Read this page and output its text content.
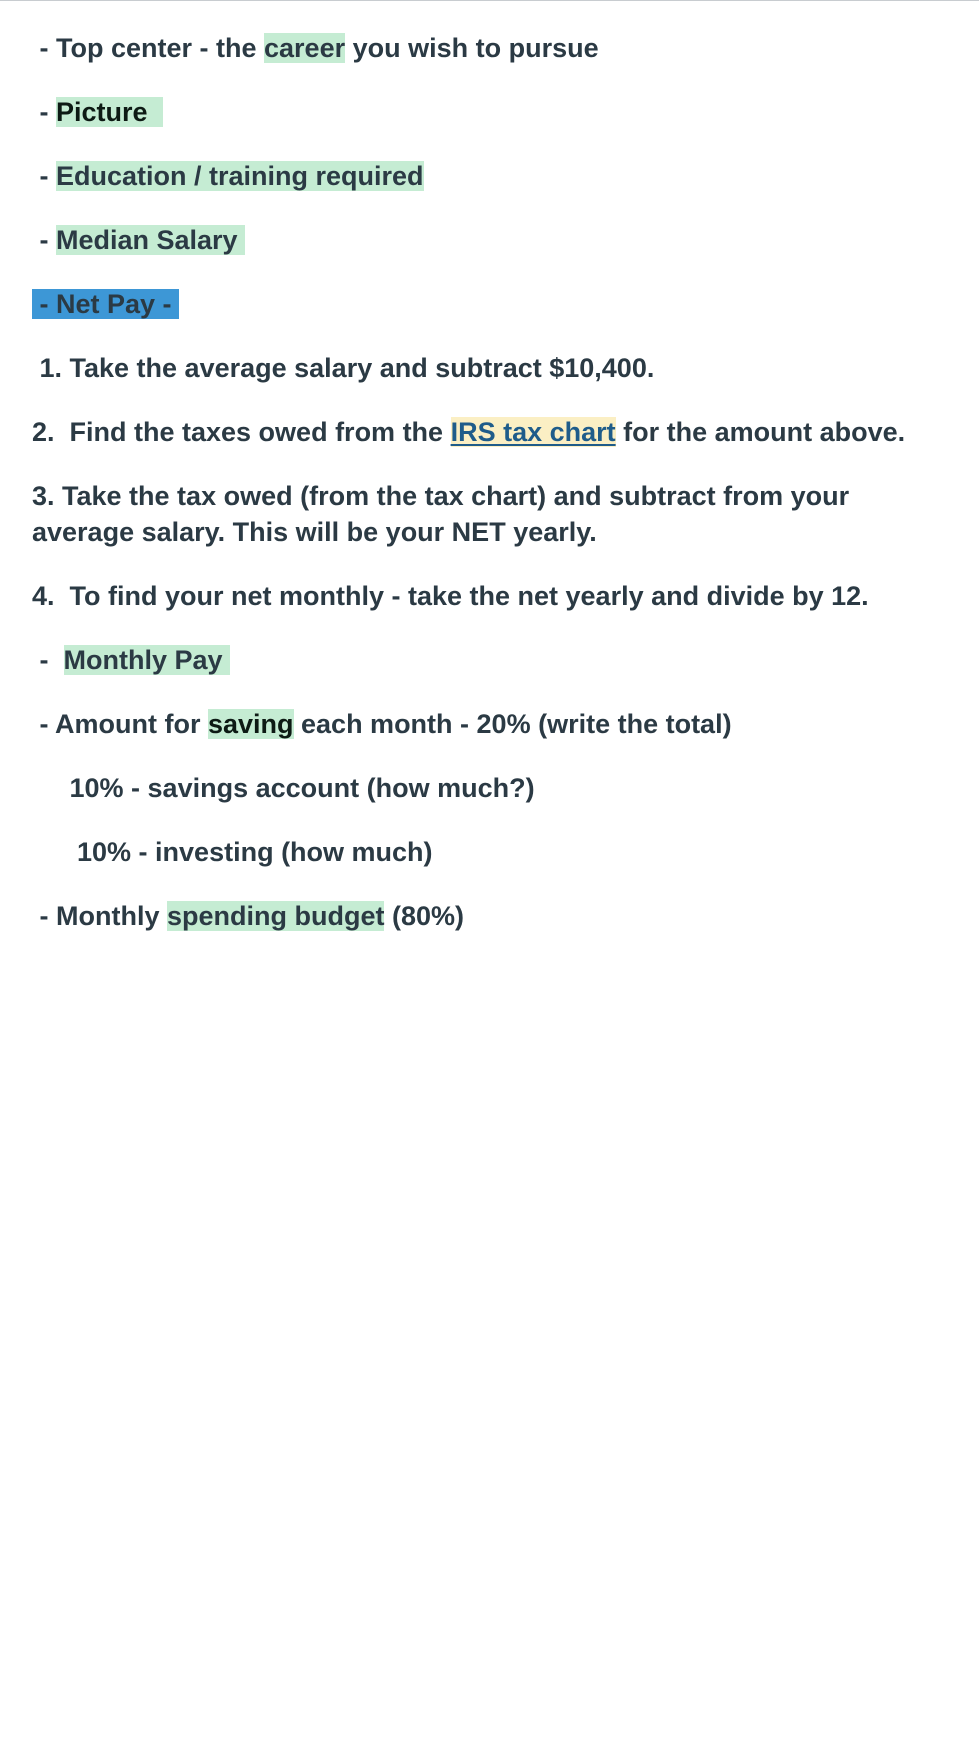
- Top center - the career you wish to pursue
- Picture
- Education / training required
- Median Salary
- Net Pay -
1. Take the average salary and subtract $10,400.
2.  Find the taxes owed from the IRS tax chart for the amount above.
3. Take the tax owed (from the tax chart) and subtract from your average salary. This will be your NET yearly.
4.  To find your net monthly - take the net yearly and divide by 12.
-  Monthly Pay
- Amount for saving each month - 20% (write the total)
10% - savings account (how much?)
10% - investing (how much)
- Monthly spending budget (80%)
